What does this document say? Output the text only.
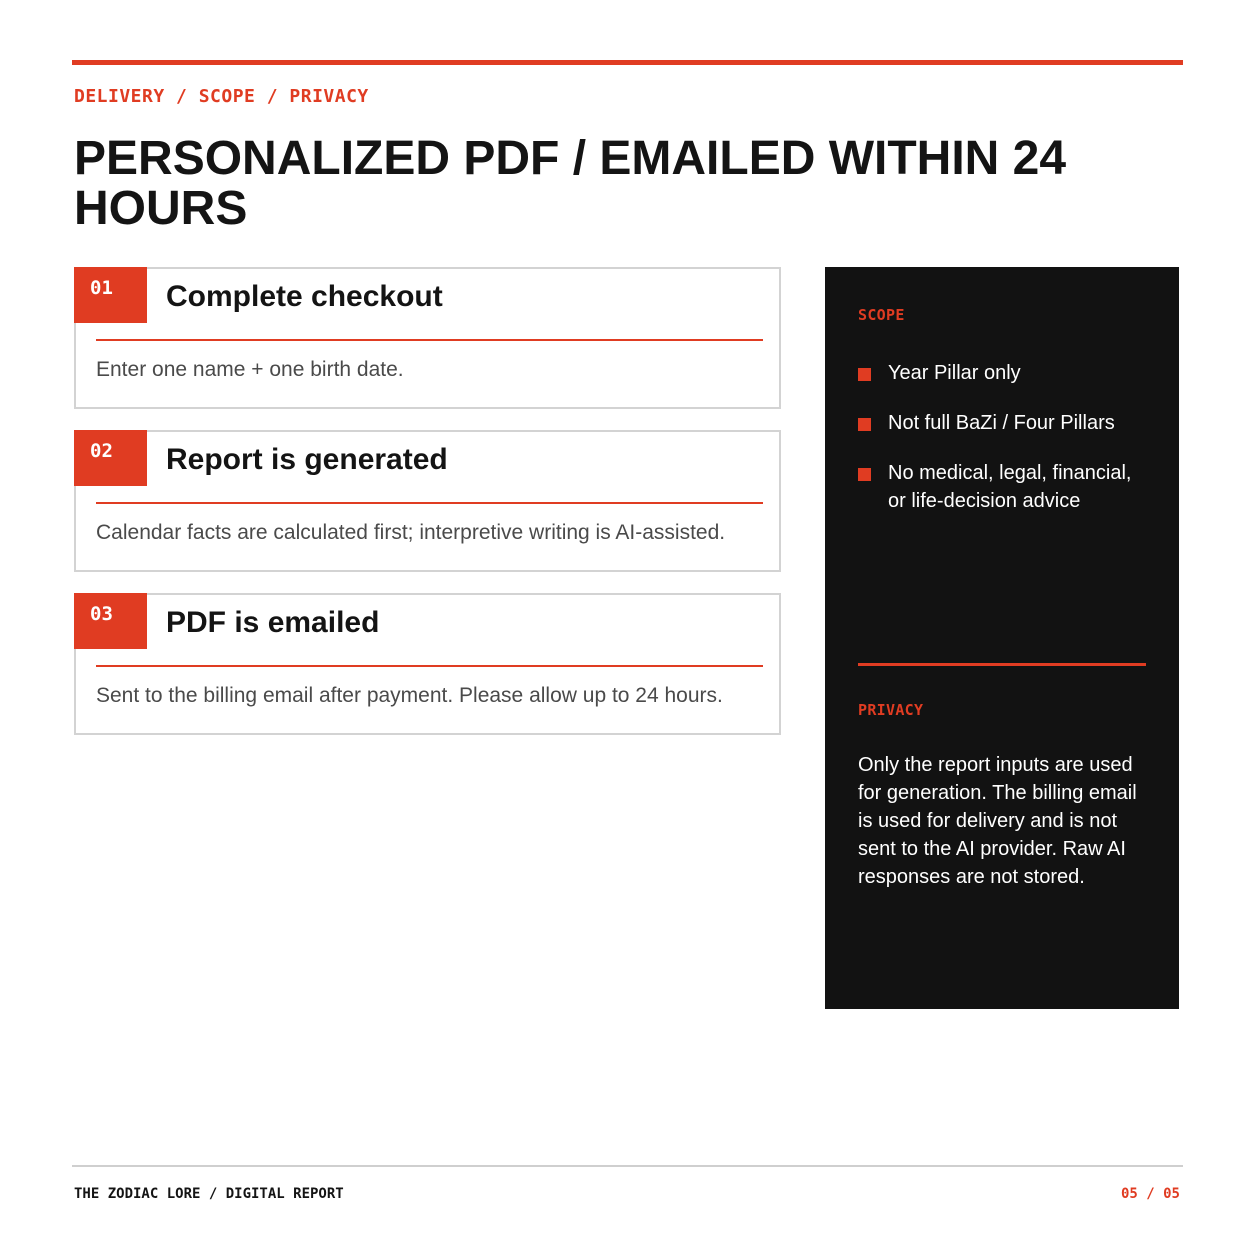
DELIVERY / SCOPE / PRIVACY
PERSONALIZED PDF / EMAILED WITHIN 24 HOURS
01	Complete checkout
Enter one name + one birth date.
02	Report is generated
Calendar facts are calculated first; interpretive writing is AI-assisted.
03	PDF is emailed
Sent to the billing email after payment. Please allow up to 24 hours.
SCOPE
Year Pillar only
Not full BaZi / Four Pillars
No medical, legal, financial, or life-decision advice
PRIVACY

Only the report inputs are used for generation. The billing email is used for delivery and is not sent to the AI provider. Raw AI responses are not stored.

THE ZODIAC LORE / DIGITAL REPORT	05 / 05
